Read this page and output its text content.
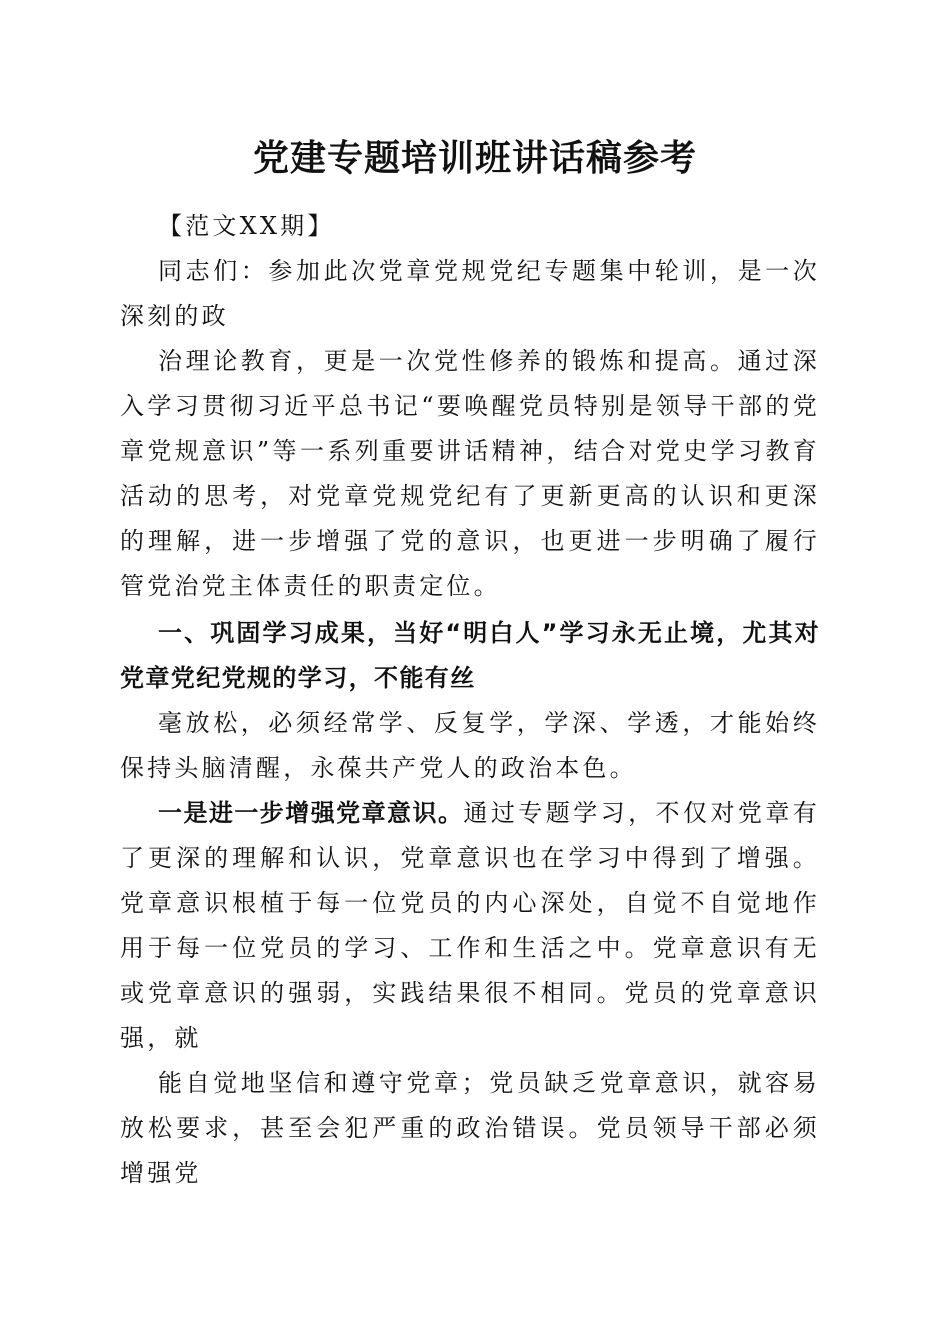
党建专题培训班讲话稿参考

【范文XX期】

同志们：参加此次党章党规党纪专题集中轮训，是一次深刻的政

治理论教育，更是一次党性修养的锻炼和提高。通过深入学习贯彻习近平总书记“要唤醒党员特别是领导干部的党章党规意识”等一系列重要讲话精神，结合对党史学习教育活动的思考，对党章党规党纪有了更新更高的认识和更深的理解，进一步增强了党的意识，也更进一步明确了履行管党治党主体责任的职责定位。

一、巩固学习成果，当好“明白人”学习永无止境，尤其对党章党纪党规的学习，不能有丝

毫放松，必须经常学、反复学，学深、学透，才能始终保持头脑清醒，永葆共产党人的政治本色。

一是进一步增强党章意识。通过专题学习，不仅对党章有了更深的理解和认识，党章意识也在学习中得到了增强。党章意识根植于每一位党员的内心深处，自觉不自觉地作用于每一位党员的学习、工作和生活之中。党章意识有无或党章意识的强弱，实践结果很不相同。党员的党章意识强，就

能自觉地坚信和遵守党章；党员缺乏党章意识，就容易放松要求，甚至会犯严重的政治错误。党员领导干部必须增强党
